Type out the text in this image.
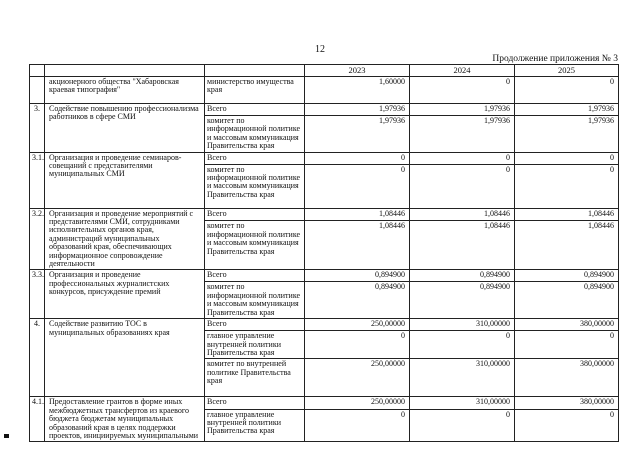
12
Продолжение приложения № 3
			2023	2024	2025
	акционерного общества "Хабаровская краевая типография"	министерство имущества края	1,60000	0	0
3.	Содействие повышению профессионализма работников в сфере СМИ	Всего	1,97936	1,97936	1,97936
		комитет по информационной политике и массовым коммуникация Правительства края	1,97936	1,97936	1,97936
3.1.	Организация и проведение семинаров-совещаний с представителями муниципальных СМИ	Всего	0	0	0
		комитет по информационной политике и массовым коммуникация Правительства края	0	0	0
3.2.	Организация и проведение мероприятий с представителями СМИ, сотрудниками исполнительных органов края, администраций муниципальных образований края, обеспечивающих информационное сопровождение деятельности	Всего	1,08446	1,08446	1,08446
		комитет по информационной политике и массовым коммуникация Правительства края	1,08446	1,08446	1,08446
3.3.	Организация и проведение профессиональных журналистских конкурсов, присуждение премий	Всего	0,894900	0,894900	0,894900
		комитет по информационной политике и массовым коммуникация Правительства края	0,894900	0,894900	0,894900
4.	Содействие развитию ТОС в муниципальных образованиях края	Всего	250,00000	310,00000	380,00000
		главное управление внутренней политики Правительства края	0	0	0
		комитет по внутренней политике Правительства края	250,00000	310,00000	380,00000
4.1.	Предоставление грантов в форме иных межбюджетных трансфертов из краевого бюджета бюджетам муниципальных образований края в целях поддержки проектов, инициируемых муниципальными	Всего	250,00000	310,00000	380,00000
		главное управление внутренней политики Правительства края	0	0	0
